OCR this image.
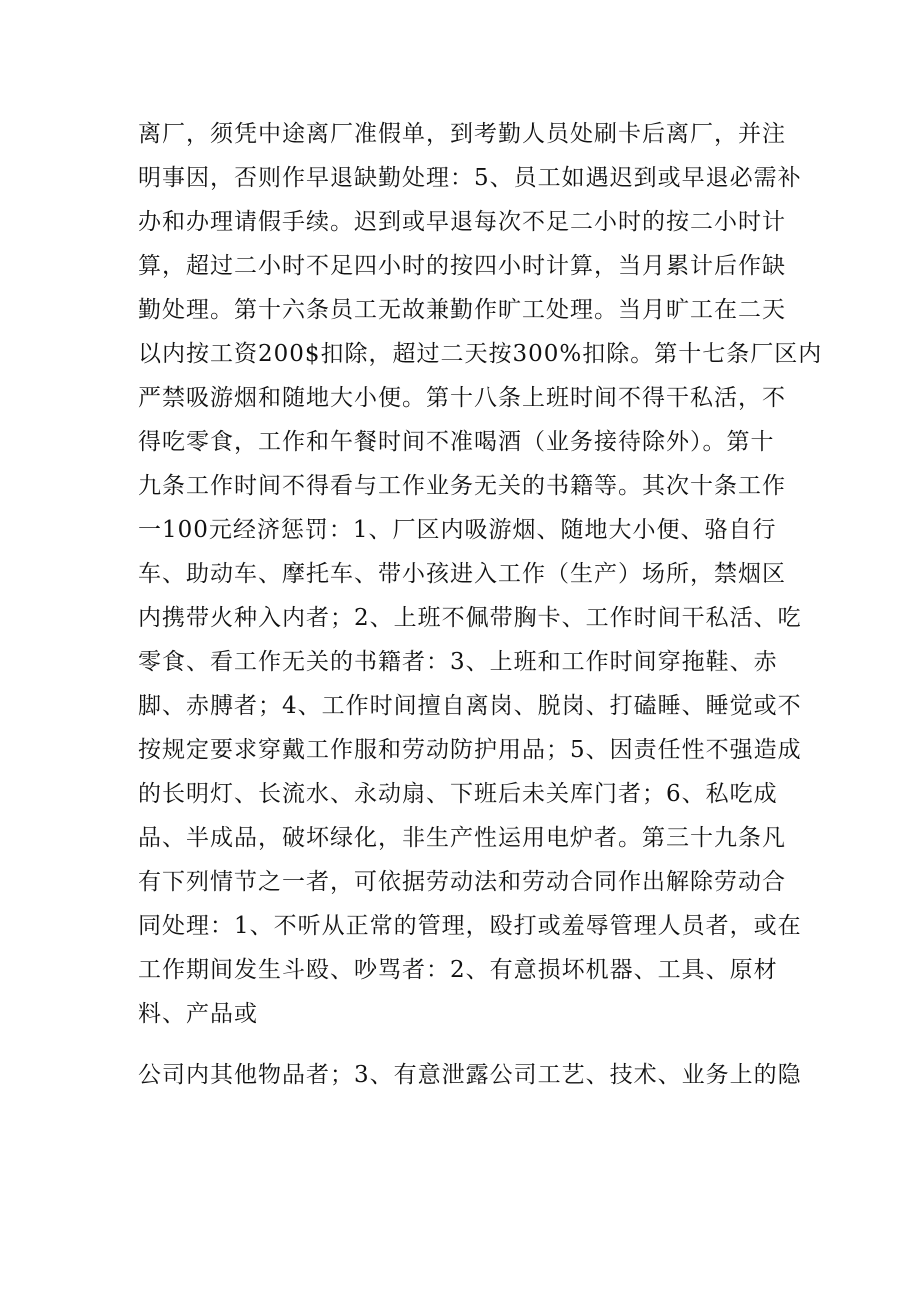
离厂，须凭中途离厂准假单，到考勤人员处刷卡后离厂，并注
明事因，否则作早退缺勤处理：5、员工如遇迟到或早退必需补
办和办理请假手续。迟到或早退每次不足二小时的按二小时计
算，超过二小时不足四小时的按四小时计算，当月累计后作缺
勤处理。第十六条员工无故兼勤作旷工处理。当月旷工在二天
以内按工资200$扣除，超过二天按300%扣除。第十七条厂区内
严禁吸游烟和随地大小便。第十八条上班时间不得干私活，不
得吃零食，工作和午餐时间不准喝酒（业务接待除外）。第十
九条工作时间不得看与工作业务无关的书籍等。其次十条工作
一100元经济惩罚：1、厂区内吸游烟、随地大小便、骆自行
车、助动车、摩托车、带小孩进入工作（生产）场所，禁烟区
内携带火种入内者；2、上班不佩带胸卡、工作时间干私活、吃
零食、看工作无关的书籍者：3、上班和工作时间穿拖鞋、赤
脚、赤膊者；4、工作时间擅自离岗、脱岗、打磕睡、睡觉或不
按规定要求穿戴工作服和劳动防护用品；5、因责任性不强造成
的长明灯、长流水、永动扇、下班后未关库门者；6、私吃成
品、半成品，破坏绿化，非生产性运用电炉者。第三十九条凡
有下列情节之一者，可依据劳动法和劳动合同作出解除劳动合
同处理：1、不听从正常的管理，殴打或羞辱管理人员者，或在
工作期间发生斗殴、吵骂者：2、有意损坏机器、工具、原材
料、产品或
公司内其他物品者；3、有意泄露公司工艺、技术、业务上的隐
